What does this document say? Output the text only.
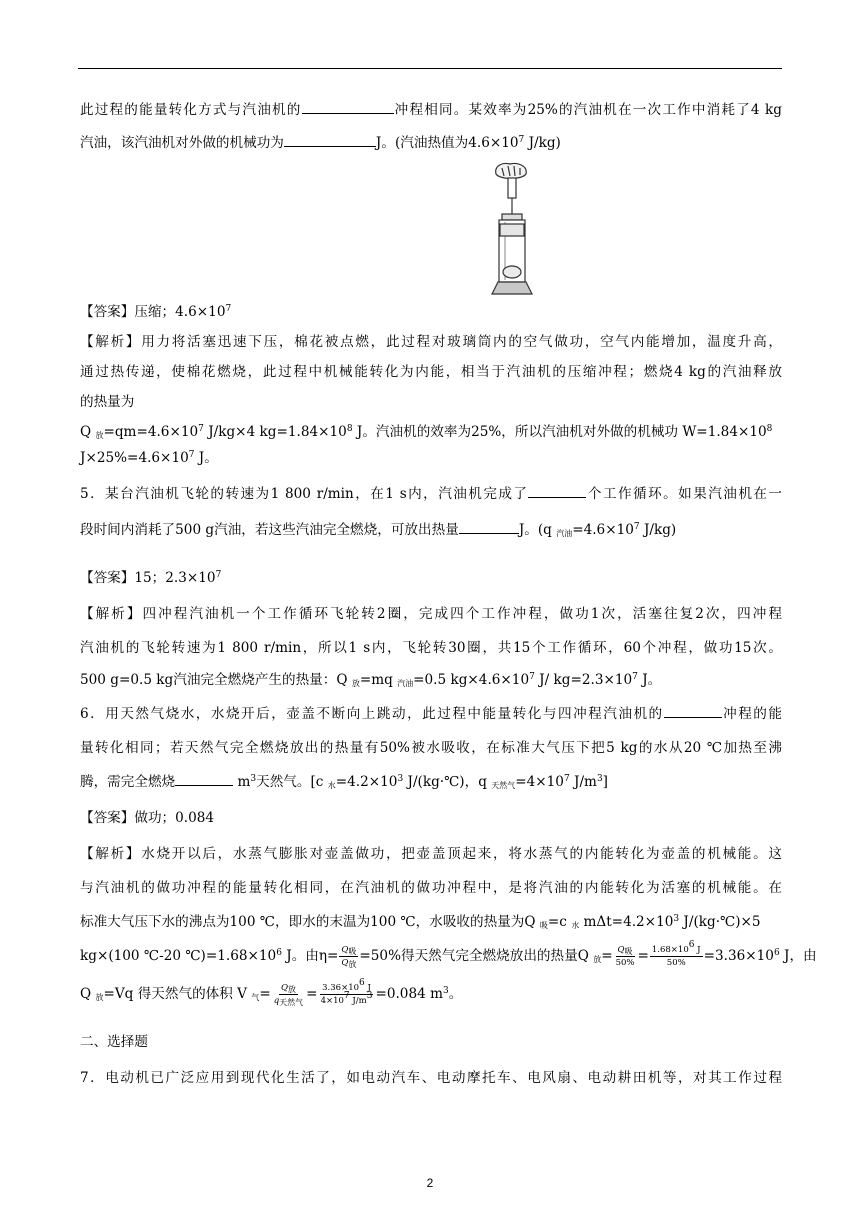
此过程的能量转化方式与汽油机的	冲程相同。某效率为25%的汽油机在一次工作中消耗了4 kg
汽油，该汽油机对外做的机械功为	J。(汽油热值为$4.6\times 10^7$ J/kg)
【答案】压缩；$4.6\times 10^7$
【解析】用力将活塞迅速下压，棉花被点燃，此过程对玻璃筒内的空气做功，空气内能增加，温度升高，
通过热传递，使棉花燃烧，此过程中机械能转化为内能，相当于汽油机的压缩冲程；燃烧4 kg的汽油释放
的热量为
Q $_放=qm=4.6\times 10^7$ J/kg×4 $kg=1.84\times 10^8$ J。汽油机的效率为25%，所以汽油机对外做的机械功 $W=1.84\times 10^8$
$J\times 25\%=4.6\times 10^7$ J。
5．某台汽油机飞轮的转速为1 800 r/min，在1 s内，汽油机完成了	个工作循环。如果汽油机在一
段时间内消耗了500 g汽油，若这些汽油完全燃烧，可放出热量	J。(q $_{汽油}=4.6\times 10^7$ J/kg)
【答案】15；$2.3\times 10^7$
【解析】四冲程汽油机一个工作循环飞轮转2圈，完成四个工作冲程，做功1次，活塞往复2次，四冲程
汽油机的飞轮转速为1 800 r/min，所以1 s内，飞轮转30圈，共15个工作循环，60个冲程，做功15次。
500 g=0.5 kg汽油完全燃烧产生的热量：Q $_放$=mq $_{汽油}$=0.5 $kg\times 4.6\times 10^7$ J/ $kg=2.3\times 10^7$ J。
6．用天然气烧水，水烧开后，壶盖不断向上跳动，此过程中能量转化与四冲程汽油机的	冲程的能
量转化相同；若天然气完全燃烧放出的热量有50%被水吸收，在标准大气压下把5 kg的水从20 ℃加热至沸
腾，需完全燃烧	$m^3$天然气。[c $_水=4.2\times 10^3$ J/(kg·℃)，q $_{天然气}=4\times 10^7$ $J/m^3$]
【答案】做功；0.084
【解析】水烧开以后，水蒸气膨胀对壶盖做功，把壶盖顶起来，将水蒸气的内能转化为壶盖的机械能。这
与汽油机的做功冲程的能量转化相同，在汽油机的做功冲程中，是将汽油的内能转化为活塞的机械能。在
标准大气压下水的沸点为100 ℃，即水的末温为100 ℃，水吸收的热量为Q $_吸$=c $_水$ $m\Delta t=4.2\times 10^3$ J/(kg·℃)×5
kg×(100 ℃-20 $℃)=1.68\times 10^6$ J。由$\eta= \frac{Q_吸}{Q_放} =50\%$得天然气完全燃烧放出的热量Q $_放= \frac{Q_吸}{50\%} = \frac{1.68\times 10^6 J}{50\%} =3.36\times 10^6$ J，由
Q $_放$=Vq 得天然气的体积 V $_气= \frac{Q_放}{q_{天然气}} = \frac{3.36\times 10^6 J}{4\times 10^7 J/m^3} =0.084$ $m^3$。
二、选择题
7．电动机已广泛应用到现代化生活了，如电动汽车、电动摩托车、电风扇、电动耕田机等，对其工作过程
2
